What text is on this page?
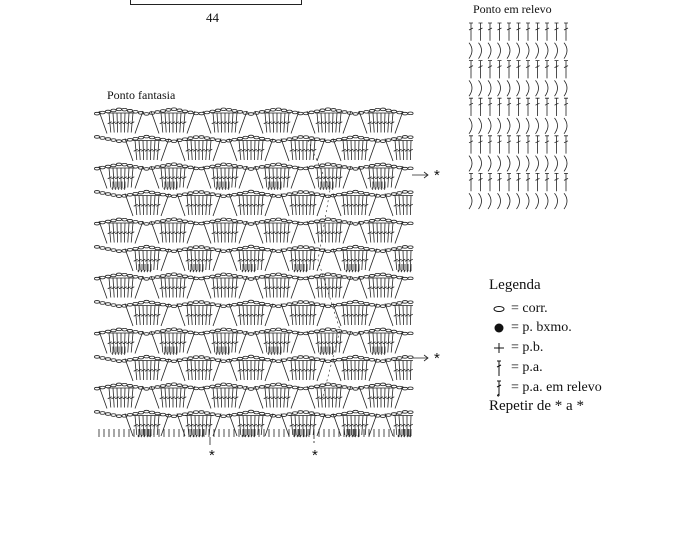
44
Ponto fantasia
Ponto em relevo
*
*
*	*
Legenda
= corr.
= p. bxmo.
= p.b.
= p.a.
= p.a. em relevo
Repetir de * a *
